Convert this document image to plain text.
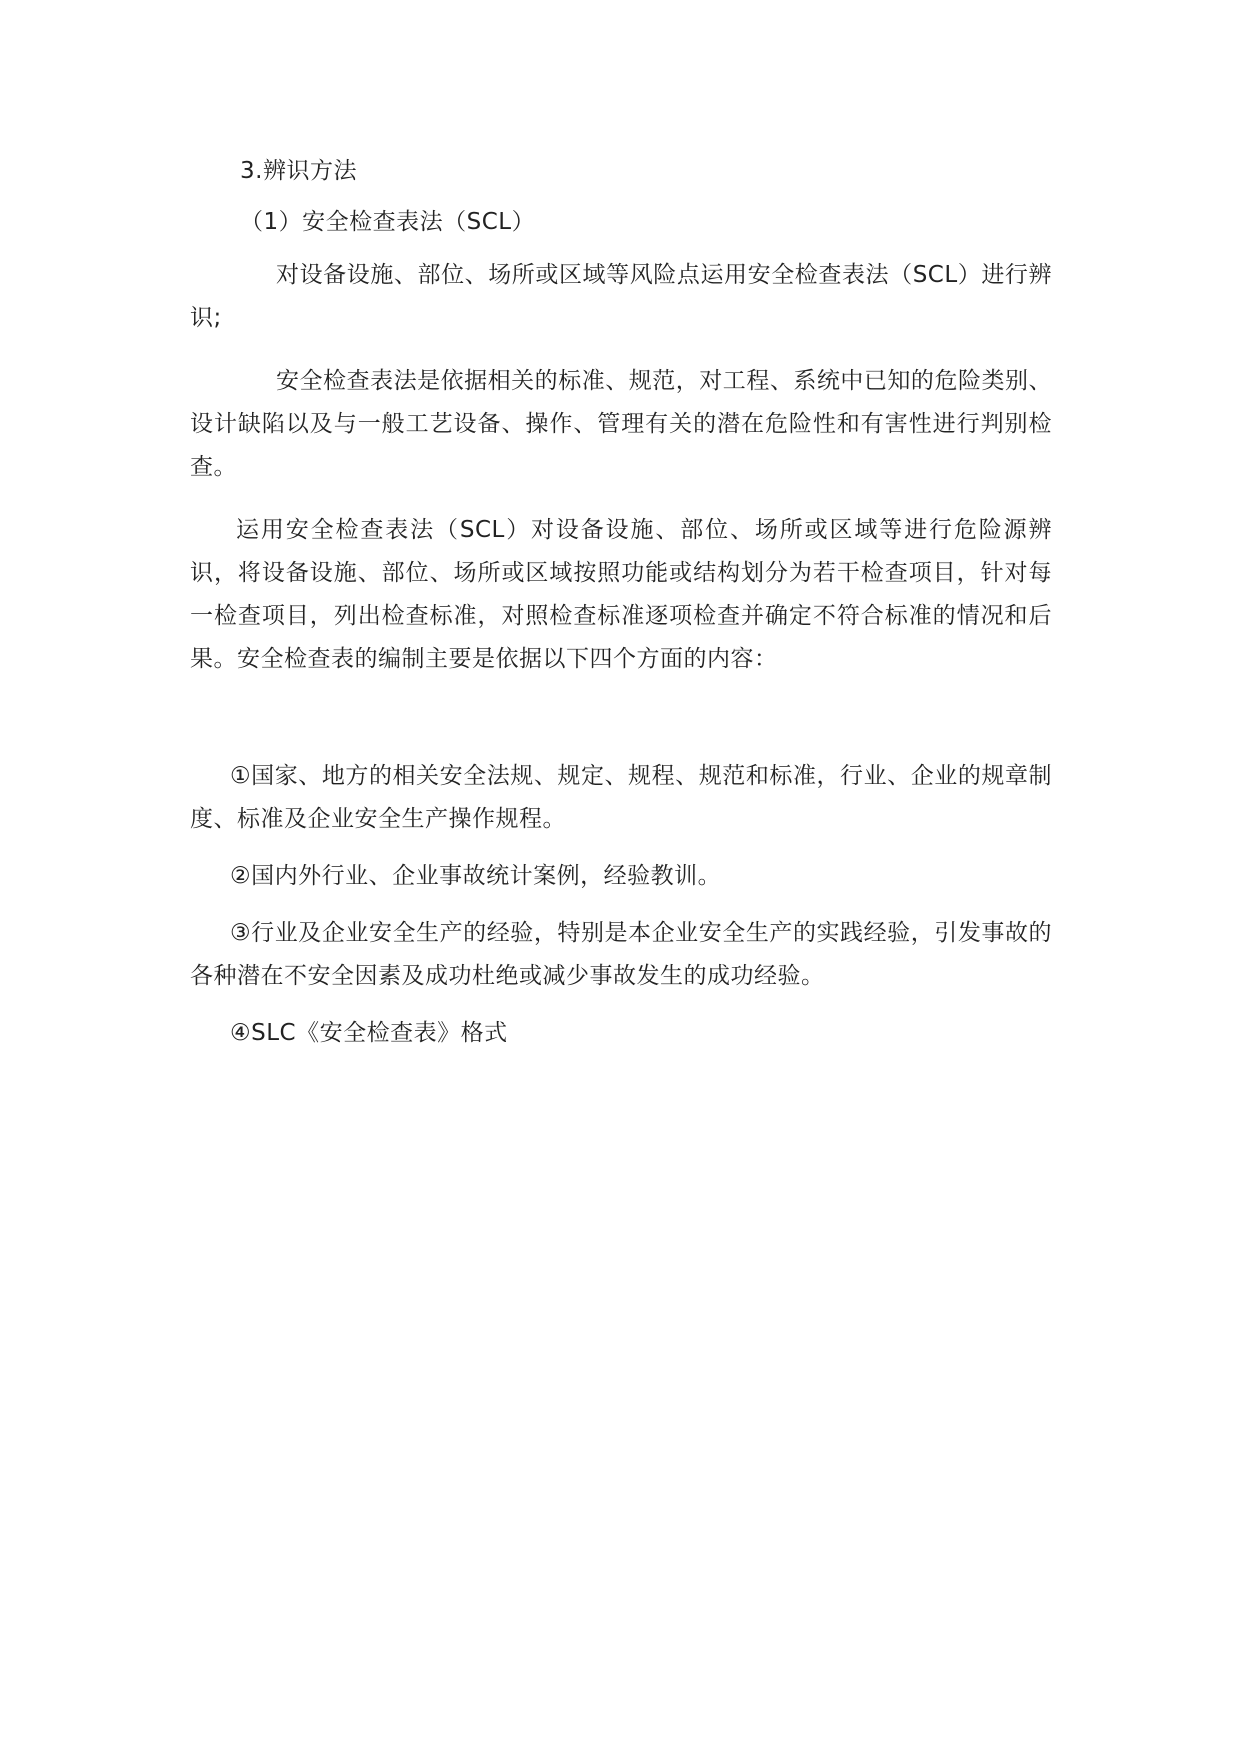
3.辨识方法

（1）安全检查表法（SCL）

对设备设施、部位、场所或区域等风险点运用安全检查表法（SCL）进行辨识;

安全检查表法是依据相关的标准、规范，对工程、系统中已知的危险类别、设计缺陷以及与一般工艺设备、操作、管理有关的潜在危险性和有害性进行判别检查。

运用安全检查表法（SCL）对设备设施、部位、场所或区域等进行危险源辨识，将设备设施、部位、场所或区域按照功能或结构划分为若干检查项目，针对每一检查项目，列出检查标准，对照检查标准逐项检查并确定不符合标准的情况和后果。安全检查表的编制主要是依据以下四个方面的内容：

①国家、地方的相关安全法规、规定、规程、规范和标准，行业、企业的规章制度、标准及企业安全生产操作规程。

②国内外行业、企业事故统计案例，经验教训。

③行业及企业安全生产的经验，特别是本企业安全生产的实践经验，引发事故的各种潜在不安全因素及成功杜绝或减少事故发生的成功经验。

④SLC《安全检查表》格式
